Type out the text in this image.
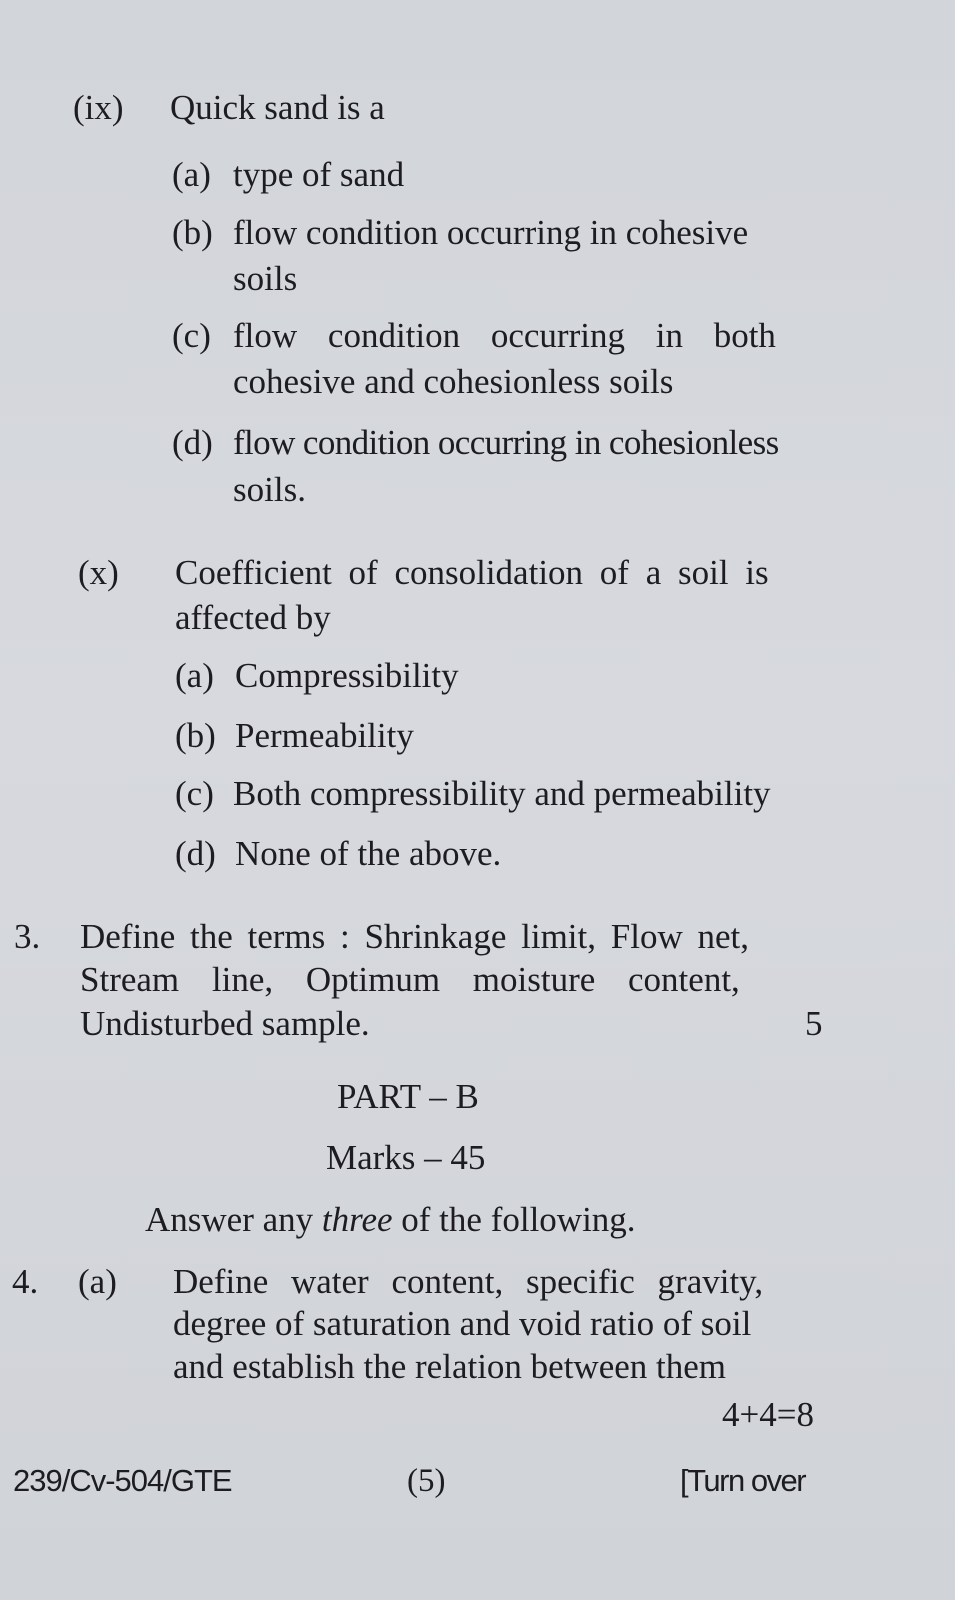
(ix) Quick sand is a
(a) type of sand
(b) flow condition occurring in cohesive
soils
(c) flow condition occurring in both
cohesive and cohesionless soils
(d) flow condition occurring in cohesionless
soils.
(x) Coefficient of consolidation of a soil is
affected by
(a) Compressibility
(b) Permeability
(c) Both compressibility and permeability
(d) None of the above.
3. Define the terms : Shrinkage limit, Flow net,
Stream line, Optimum moisture content,
Undisturbed sample.	5
PART – B
Marks – 45
Answer any three of the following.
4. (a) Define water content, specific gravity,
degree of saturation and void ratio of soil
and establish the relation between them
4+4=8
239/Cv-504/GTE	(5)	[Turn over
